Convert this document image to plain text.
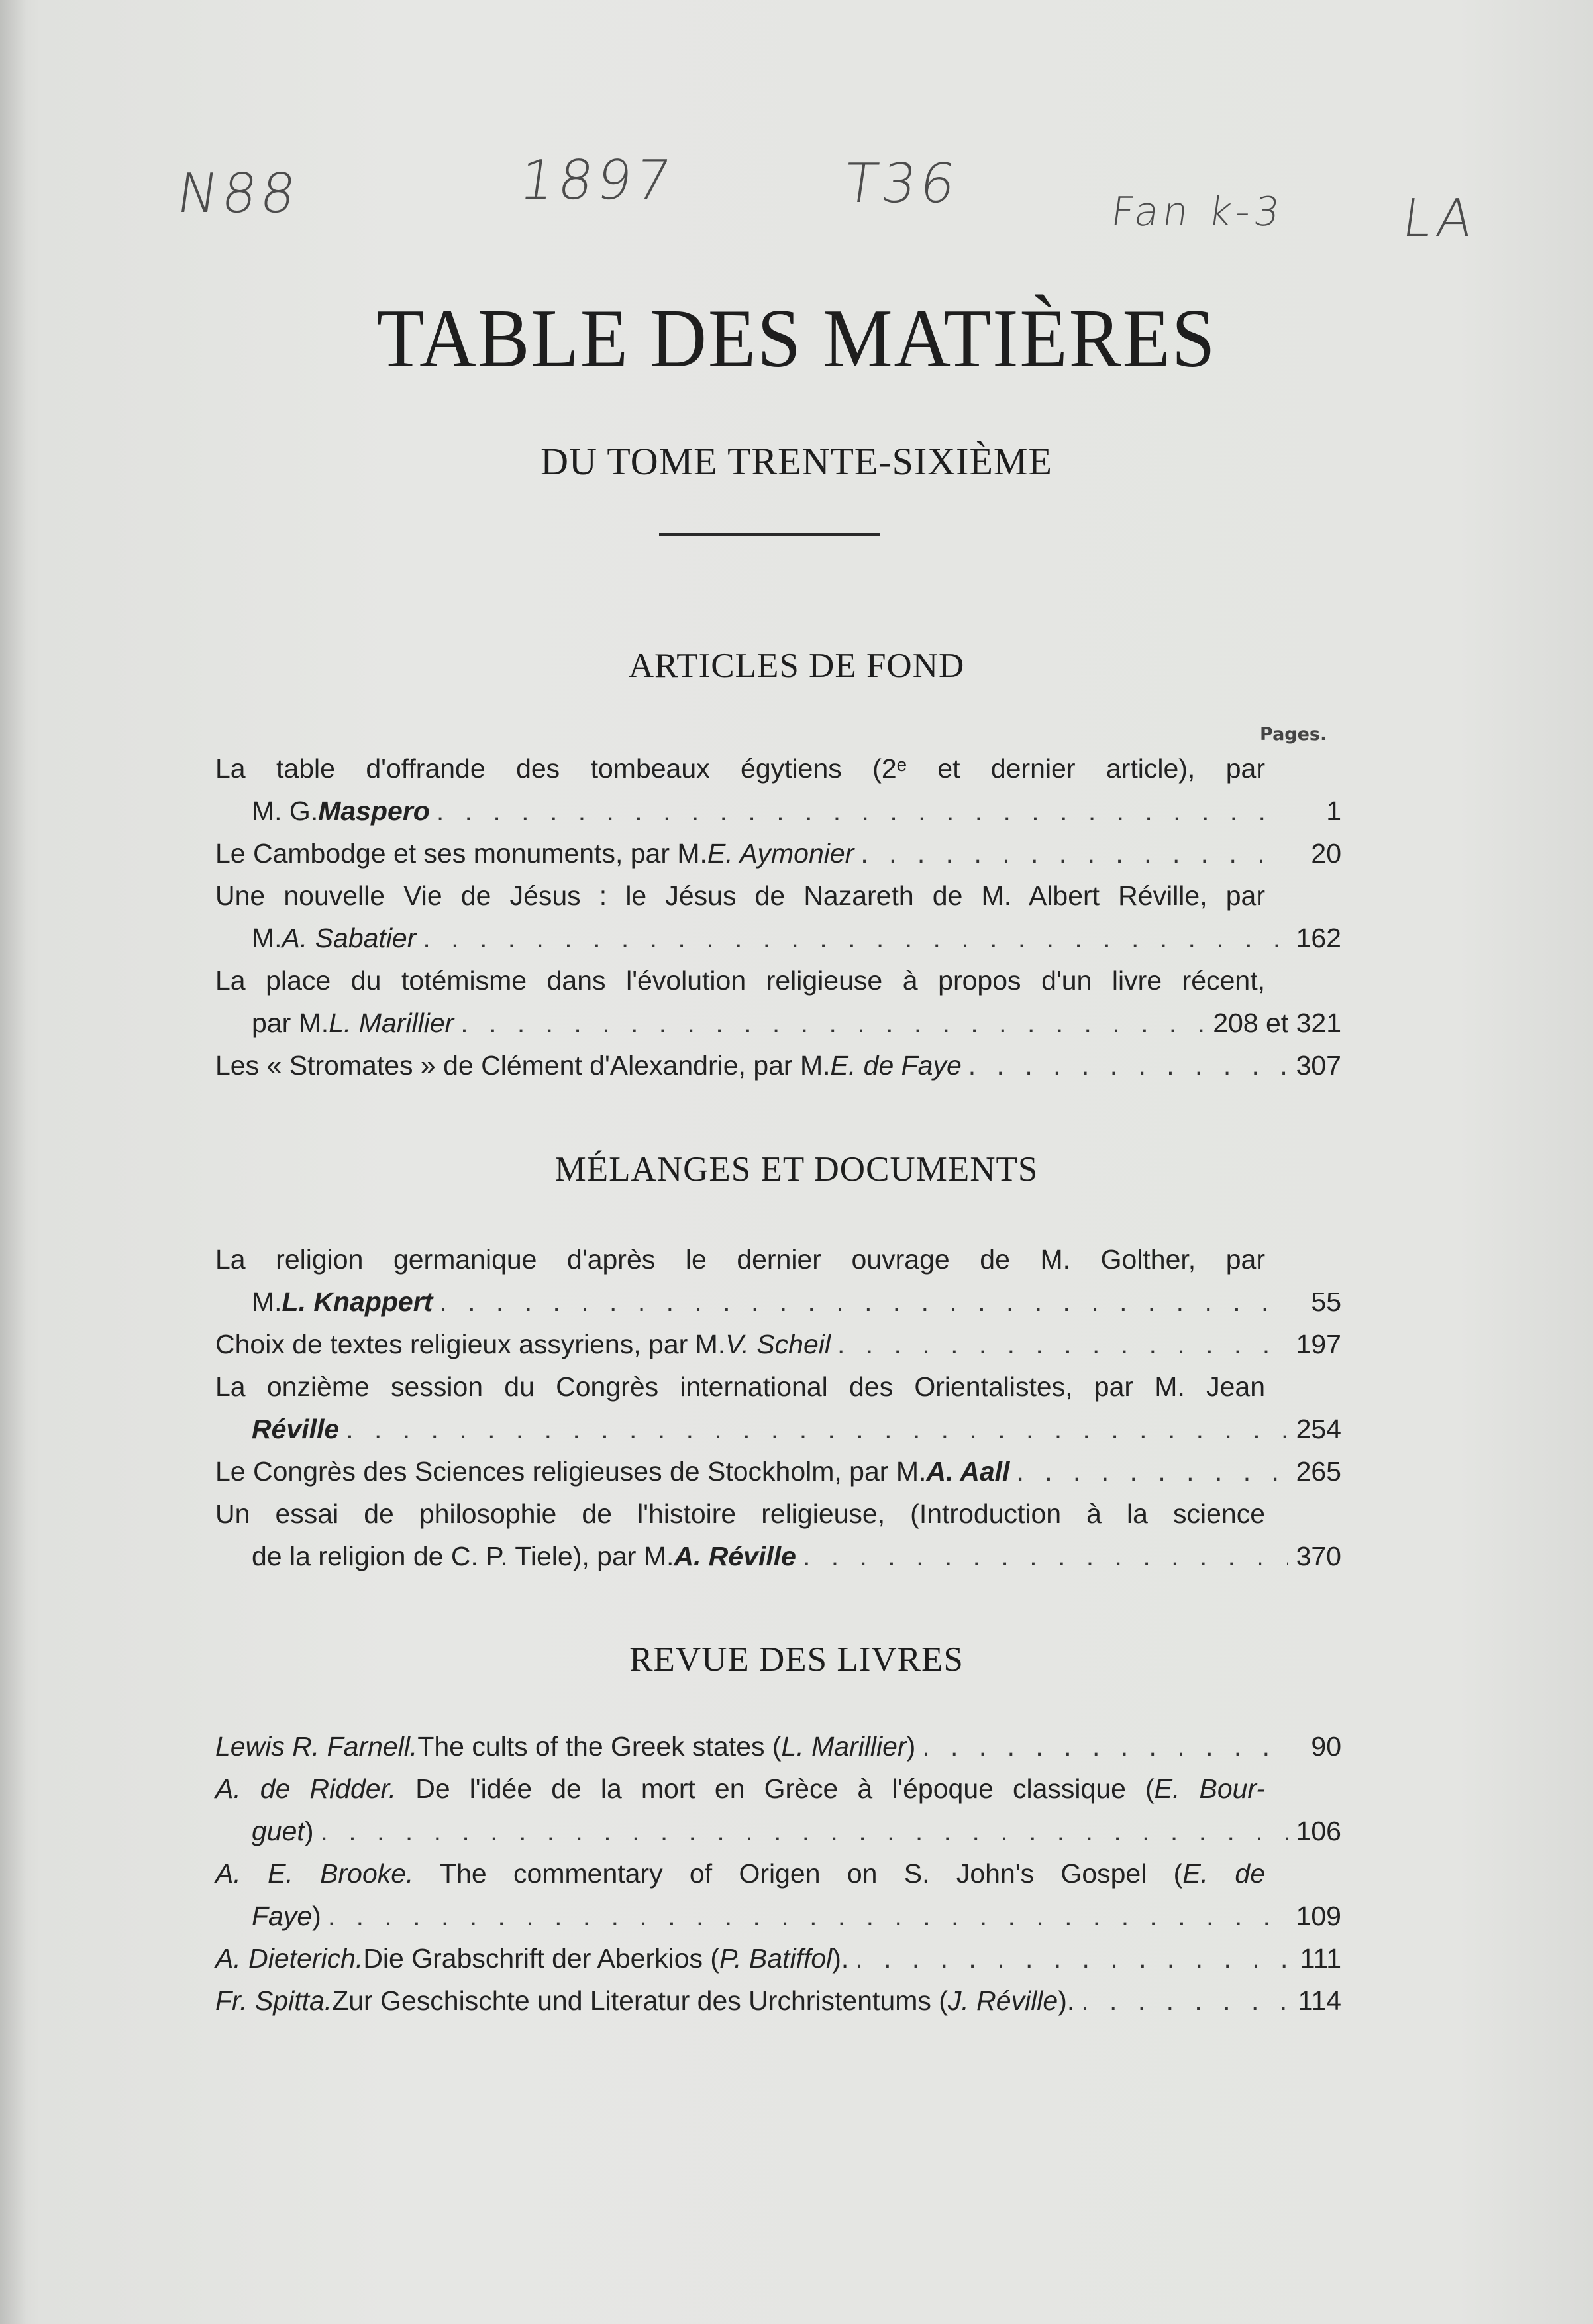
N88	1897	T36	Fan k-3 LA
TABLE DES MATIÈRES
DU TOME TRENTE-SIXIÈME
ARTICLES DE FOND
Pages.
La table d'offrande des tombeaux égytiens (2ᵉ et dernier article), par
M. G. Maspero . . .	1
Le Cambodge et ses monuments, par M. E. Aymonier . . .	20
Une nouvelle Vie de Jésus : le Jésus de Nazareth de M. Albert Réville, par
M. A. Sabatier . . .	162
La place du totémisme dans l'évolution religieuse à propos d'un livre récent,
par M. L. Marillier . . .	208 et 321
Les « Stromates » de Clément d'Alexandrie, par M. E. de Faye . . .	307
MÉLANGES ET DOCUMENTS
La religion germanique d'après le dernier ouvrage de M. Golther, par
M. L. Knappert . . .	55
Choix de textes religieux assyriens, par M. V. Scheil . . .	197
La onzième session du Congrès international des Orientalistes, par M. Jean
Réville . . .	254
Le Congrès des Sciences religieuses de Stockholm, par M. A. Aall . . .	265
Un essai de philosophie de l'histoire religieuse, (Introduction à la science
de la religion de C. P. Tiele), par M. A. Réville . . .	370
REVUE DES LIVRES
Lewis R. Farnell. The cults of the Greek states ( L. Marillier ) . . .	90
A. de Ridder. De l'idée de la mort en Grèce à l'époque classique (E. Bour-
guet ) . . .	106
A. E. Brooke. The commentary of Origen on S. John's Gospel (E. de
Faye ) . . .	109
A. Dieterich. Die Grabschrift der Aberkios ( P. Batiffol ). . . .	111
Fr. Spitta. Zur Geschischte und Literatur des Urchristentums ( J. Réville ). . . .	114
